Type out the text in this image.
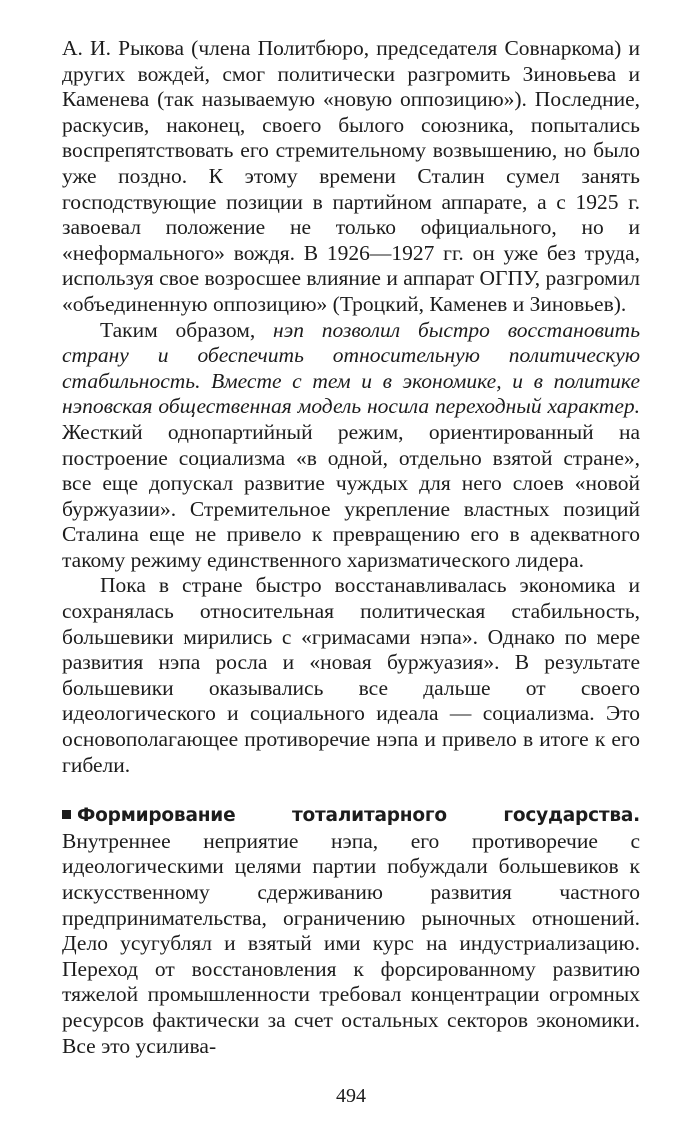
А. И. Рыкова (члена Политбюро, председателя Совнаркома) и других вождей, смог политически разгромить Зиновьева и Каменева (так называемую «новую оппозицию»). Последние, раскусив, наконец, своего былого союзника, попытались воспрепятствовать его стремительному возвышению, но было уже поздно. К этому времени Сталин сумел занять господствующие позиции в партийном аппарате, а с 1925 г. завоевал положение не только официального, но и «неформального» вождя. В 1926—1927 гг. он уже без труда, используя свое возросшее влияние и аппарат ОГПУ, разгромил «объединенную оппозицию» (Троцкий, Каменев и Зиновьев).

Таким образом, нэп позволил быстро восстановить страну и обеспечить относительную политическую стабильность. Вместе с тем и в экономике, и в политике нэповская общественная модель носила переходный характер. Жесткий однопартийный режим, ориентированный на построение социализма «в одной, отдельно взятой стране», все еще допускал развитие чуждых для него слоев «новой буржуазии». Стремительное укрепление властных позиций Сталина еще не привело к превращению его в адекватного такому режиму единственного харизматического лидера.

Пока в стране быстро восстанавливалась экономика и сохранялась относительная политическая стабильность, большевики мирились с «гримасами нэпа». Однако по мере развития нэпа росла и «новая буржуазия». В результате большевики оказывались все дальше от своего идеологического и социального идеала — социализма. Это основополагающее противоречие нэпа и привело в итоге к его гибели.

Формирование тоталитарного государства. Внутреннее неприятие нэпа, его противоречие с идеологическими целями партии побуждали большевиков к искусственному сдерживанию развития частного предпринимательства, ограничению рыночных отношений. Дело усугублял и взятый ими курс на индустриализацию. Переход от восстановления к форсированному развитию тяжелой промышленности требовал концентрации огромных ресурсов фактически за счет остальных секторов экономики. Все это усилива-

494
